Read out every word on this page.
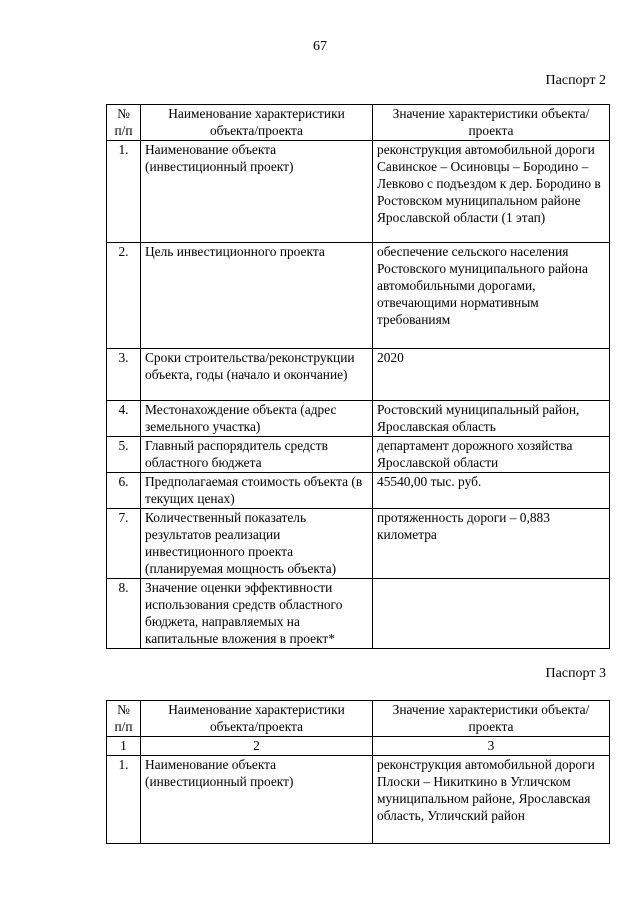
67
Паспорт 2
№ п/п	Наименование характеристики объекта/проекта	Значение характеристики объекта/проекта
1.	Наименование объекта (инвестиционный проект)	реконструкция автомобильной дороги Савинское – Осиновцы – Бородино – Левково с подъездом к дер. Бородино в Ростовском муниципальном районе Ярославской области (1 этап)
2.	Цель инвестиционного проекта	обеспечение сельского населения Ростовского муниципального района автомобильными дорогами, отвечающими нормативным требованиям
3.	Сроки строительства/реконструкции объекта, годы (начало и окончание)	2020
4.	Местонахождение объекта (адрес земельного участка)	Ростовский муниципальный район, Ярославская область
5.	Главный распорядитель средств областного бюджета	департамент дорожного хозяйства Ярославской области
6.	Предполагаемая стоимость объекта (в текущих ценах)	45540,00 тыс. руб.
7.	Количественный показатель результатов реализации инвестиционного проекта (планируемая мощность объекта)	протяженность дороги – 0,883 километра
8.	Значение оценки эффективности использования средств областного бюджета, направляемых на капитальные вложения в проект*	
Паспорт 3
№ п/п	Наименование характеристики объекта/проекта	Значение характеристики объекта/проекта
1	2	3
1.	Наименование объекта (инвестиционный проект)	реконструкция автомобильной дороги Плоски – Никиткино в Угличском муниципальном районе, Ярославская область, Угличский район
